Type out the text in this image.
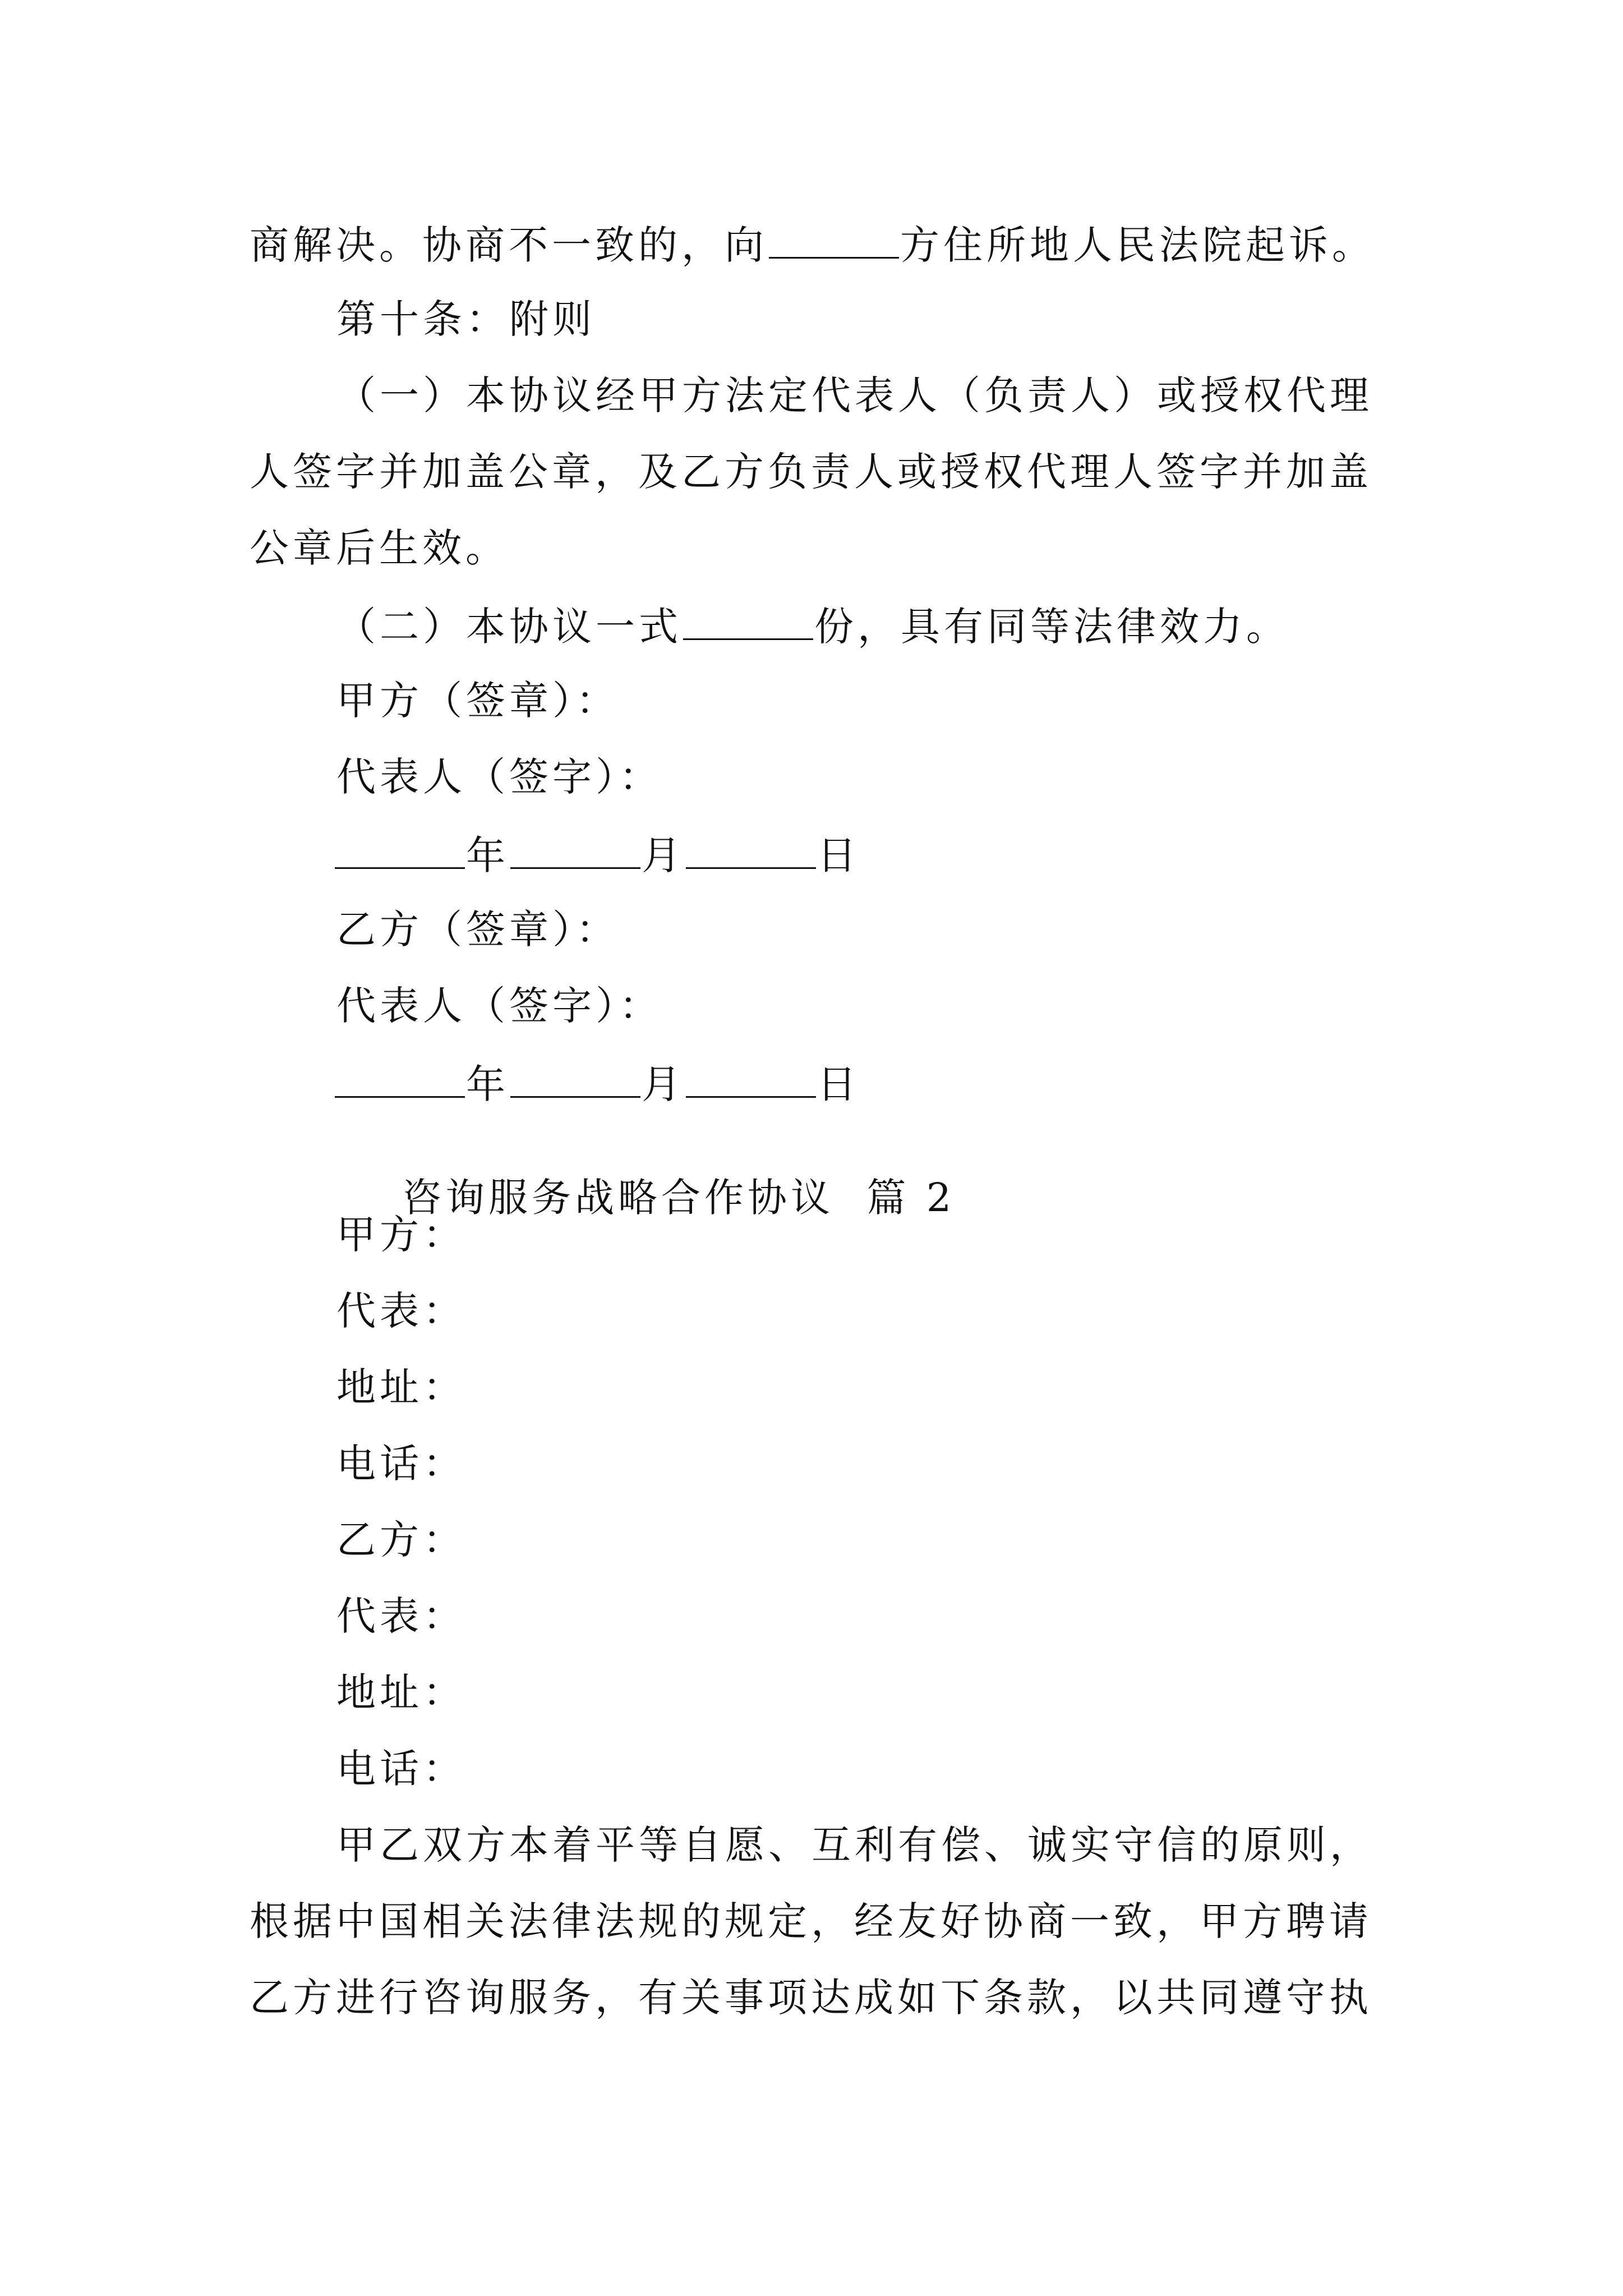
商解决。协商不一致的，向	方住所地人民法院起诉。
第十条：附则
（一）本协议经甲方法定代表人（负责人）或授权代理
人签字并加盖公章，及乙方负责人或授权代理人签字并加盖
公章后生效。
（二）本协议一式	份，具有同等法律效力。
甲方（签章）：
代表人（签字）：
年	月	日
乙方（签章）：
代表人（签字）：
年	月	日

咨询服务战略合作协议  篇 2

甲方：
代表：
地址：
电话：
乙方：
代表：
地址：
电话：
甲乙双方本着平等自愿、互利有偿、诚实守信的原则，
根据中国相关法律法规的规定，经友好协商一致，甲方聘请
乙方进行咨询服务，有关事项达成如下条款，以共同遵守执
